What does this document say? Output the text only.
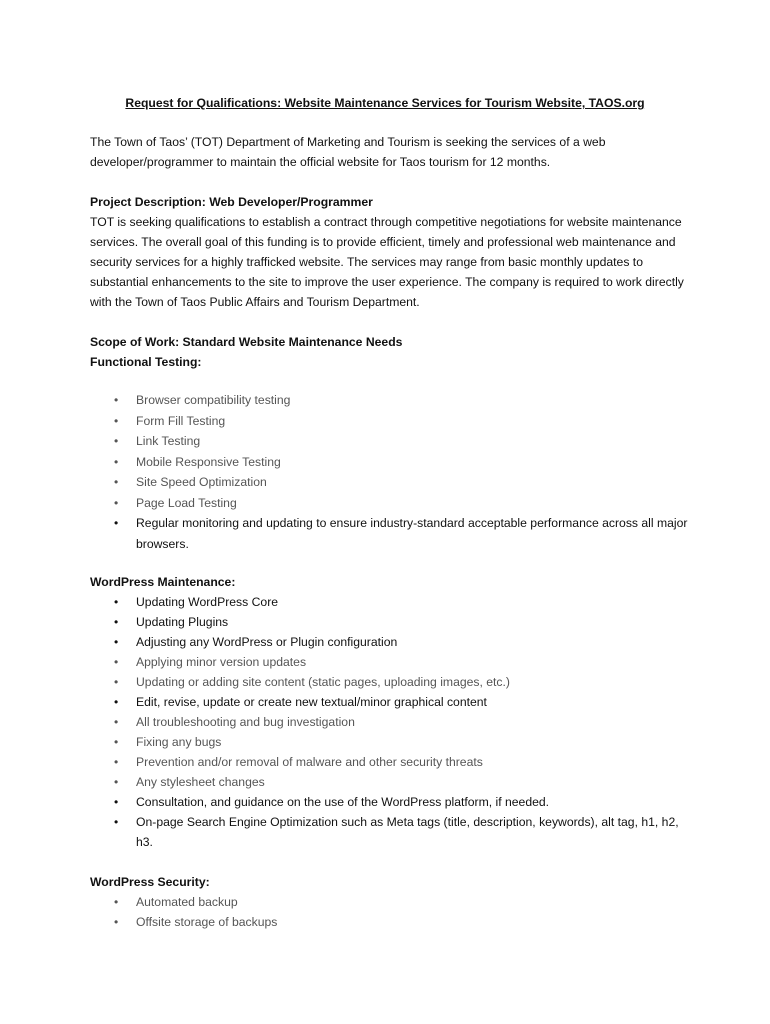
Request for Qualifications: Website Maintenance Services for Tourism Website, TAOS.org

The Town of Taos’ (TOT) Department of Marketing and Tourism is seeking the services of a web developer/programmer to maintain the official website for Taos tourism for 12 months.

Project Description: Web Developer/Programmer

TOT is seeking qualifications to establish a contract through competitive negotiations for website maintenance services. The overall goal of this funding is to provide efficient, timely and professional web maintenance and security services for a highly trafficked website. The services may range from basic monthly updates to substantial enhancements to the site to improve the user experience. The company is required to work directly with the Town of Taos Public Affairs and Tourism Department.

Scope of Work: Standard Website Maintenance Needs

Functional Testing:

• Browser compatibility testing
• Form Fill Testing
• Link Testing
• Mobile Responsive Testing
• Site Speed Optimization
• Page Load Testing
• Regular monitoring and updating to ensure industry-standard acceptable performance across all major browsers.

WordPress Maintenance:

• Updating WordPress Core
• Updating Plugins
• Adjusting any WordPress or Plugin configuration
• Applying minor version updates
• Updating or adding site content (static pages, uploading images, etc.)
• Edit, revise, update or create new textual/minor graphical content
• All troubleshooting and bug investigation
• Fixing any bugs
• Prevention and/or removal of malware and other security threats
• Any stylesheet changes
• Consultation, and guidance on the use of the WordPress platform, if needed.
• On-page Search Engine Optimization such as Meta tags (title, description, keywords), alt tag, h1, h2, h3.

WordPress Security:

• Automated backup
• Offsite storage of backups
